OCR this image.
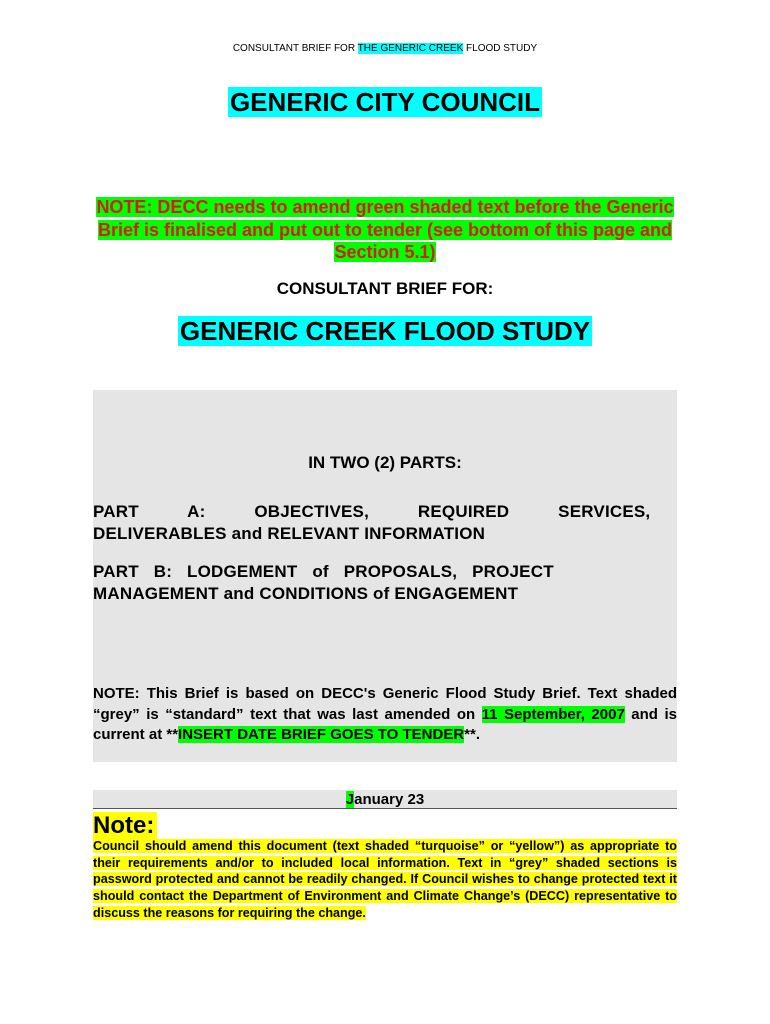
CONSULTANT BRIEF FOR THE GENERIC CREEK FLOOD STUDY
GENERIC CITY COUNCIL
NOTE: DECC needs to amend green shaded text before the Generic Brief is finalised and put out to tender (see bottom of this page and Section 5.1)
CONSULTANT BRIEF FOR:
GENERIC CREEK FLOOD STUDY
IN TWO (2) PARTS:
PART A: OBJECTIVES, REQUIRED SERVICES,
DELIVERABLES and RELEVANT INFORMATION
PART B: LODGEMENT of PROPOSALS, PROJECT
MANAGEMENT and CONDITIONS of ENGAGEMENT
NOTE: This Brief is based on DECC's Generic Flood Study Brief. Text shaded “grey” is “standard” text that was last amended on 11 September, 2007 and is current at **INSERT DATE BRIEF GOES TO TENDER**.
January 23
Note:
Council should amend this document (text shaded “turquoise” or “yellow”) as appropriate to their requirements and/or to included local information. Text in “grey” shaded sections is password protected and cannot be readily changed. If Council wishes to change protected text it should contact the Department of Environment and Climate Change’s (DECC) representative to discuss the reasons for requiring the change.
